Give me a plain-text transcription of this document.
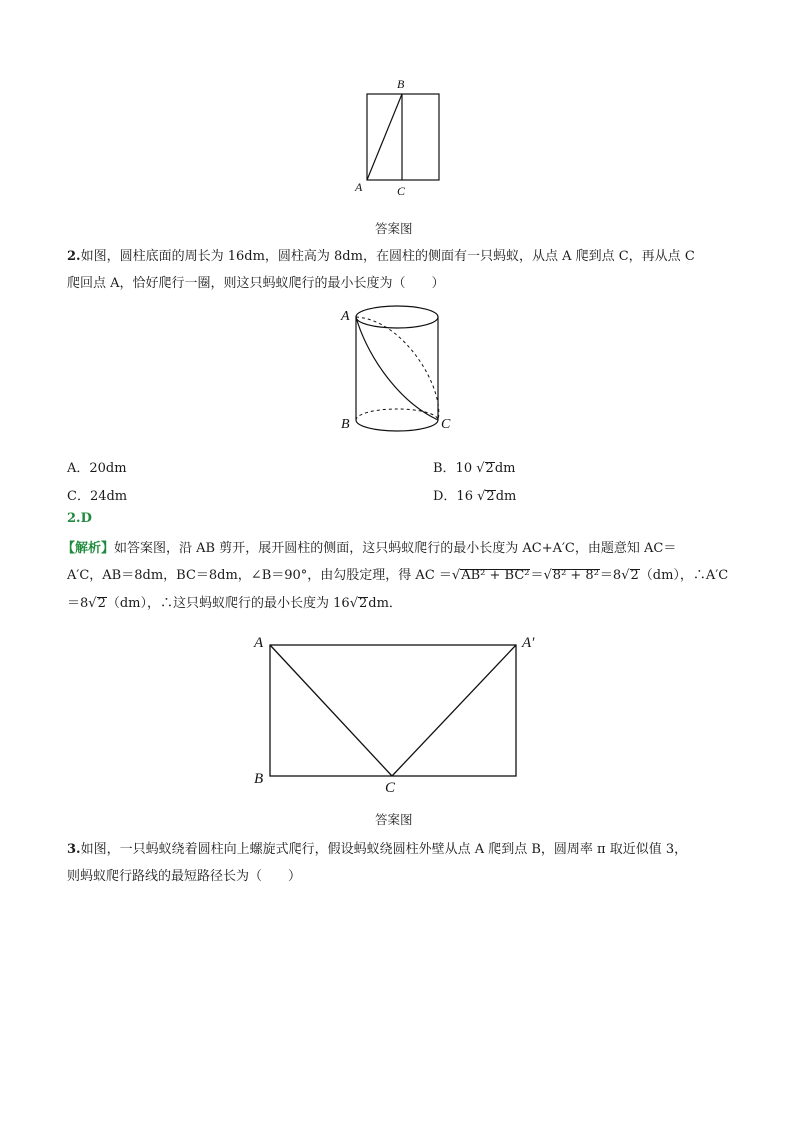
B
A	C
答案图
2.如图，圆柱底面的周长为 16dm，圆柱高为 8dm，在圆柱的侧面有一只蚂蚁，从点 A 爬到点 C，再从点 C
爬回点 A，恰好爬行一圈，则这只蚂蚁爬行的最小长度为（　　）
A
B	C
A．20dm	B．10 √2dm
C．24dm	D．16 √2dm
2.D
【解析】如答案图，沿 AB 剪开，展开圆柱的侧面，这只蚂蚁爬行的最小长度为 AC+A′C，由题意知 AC＝
A′C，AB＝8dm，BC＝8dm，∠B＝90°，由勾股定理，得 AC ＝√AB² + BC²＝√8² + 8²＝8√2（dm），∴A′C
＝8√2（dm），∴这只蚂蚁爬行的最小长度为 16√2dm．
A	A′
B
C
答案图
3.如图，一只蚂蚁绕着圆柱向上螺旋式爬行，假设蚂蚁绕圆柱外壁从点 A 爬到点 B，圆周率 π 取近似值 3，
则蚂蚁爬行路线的最短路径长为（　　）
